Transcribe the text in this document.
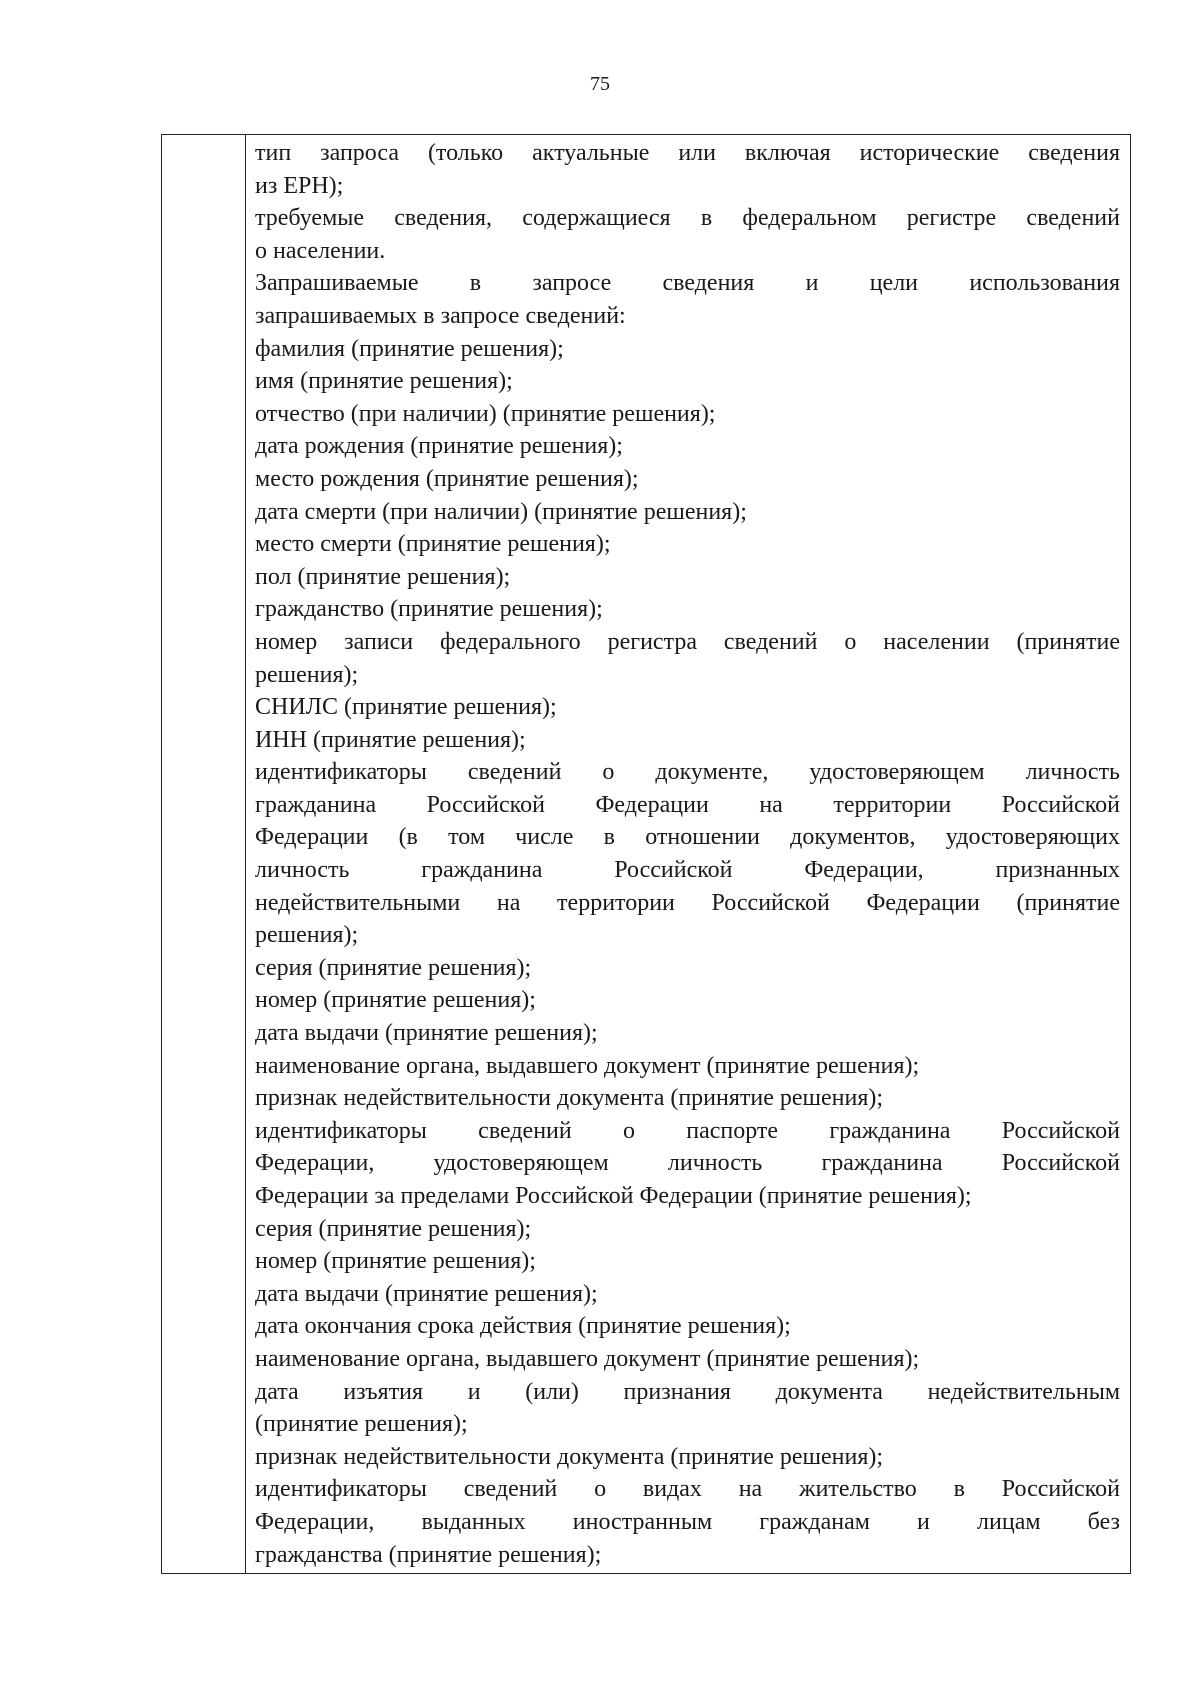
75
тип запроса (только актуальные или включая исторические сведения
из ЕРН);
требуемые сведения, содержащиеся в федеральном регистре сведений
о населении.
Запрашиваемые в запросе сведения и цели использования
запрашиваемых в запросе сведений:
фамилия (принятие решения);
имя (принятие решения);
отчество (при наличии) (принятие решения);
дата рождения (принятие решения);
место рождения (принятие решения);
дата смерти (при наличии) (принятие решения);
место смерти (принятие решения);
пол (принятие решения);
гражданство (принятие решения);
номер записи федерального регистра сведений о населении (принятие
решения);
СНИЛС (принятие решения);
ИНН (принятие решения);
идентификаторы сведений о документе, удостоверяющем личность
гражданина Российской Федерации на территории Российской
Федерации (в том числе в отношении документов, удостоверяющих
личность гражданина Российской Федерации, признанных
недействительными на территории Российской Федерации (принятие
решения);
серия (принятие решения);
номер (принятие решения);
дата выдачи (принятие решения);
наименование органа, выдавшего документ (принятие решения);
признак недействительности документа (принятие решения);
идентификаторы сведений о паспорте гражданина Российской
Федерации, удостоверяющем личность гражданина Российской
Федерации за пределами Российской Федерации (принятие решения);
серия (принятие решения);
номер (принятие решения);
дата выдачи (принятие решения);
дата окончания срока действия (принятие решения);
наименование органа, выдавшего документ (принятие решения);
дата изъятия и (или) признания документа недействительным
(принятие решения);
признак недействительности документа (принятие решения);
идентификаторы сведений о видах на жительство в Российской
Федерации, выданных иностранным гражданам и лицам без
гражданства (принятие решения);
